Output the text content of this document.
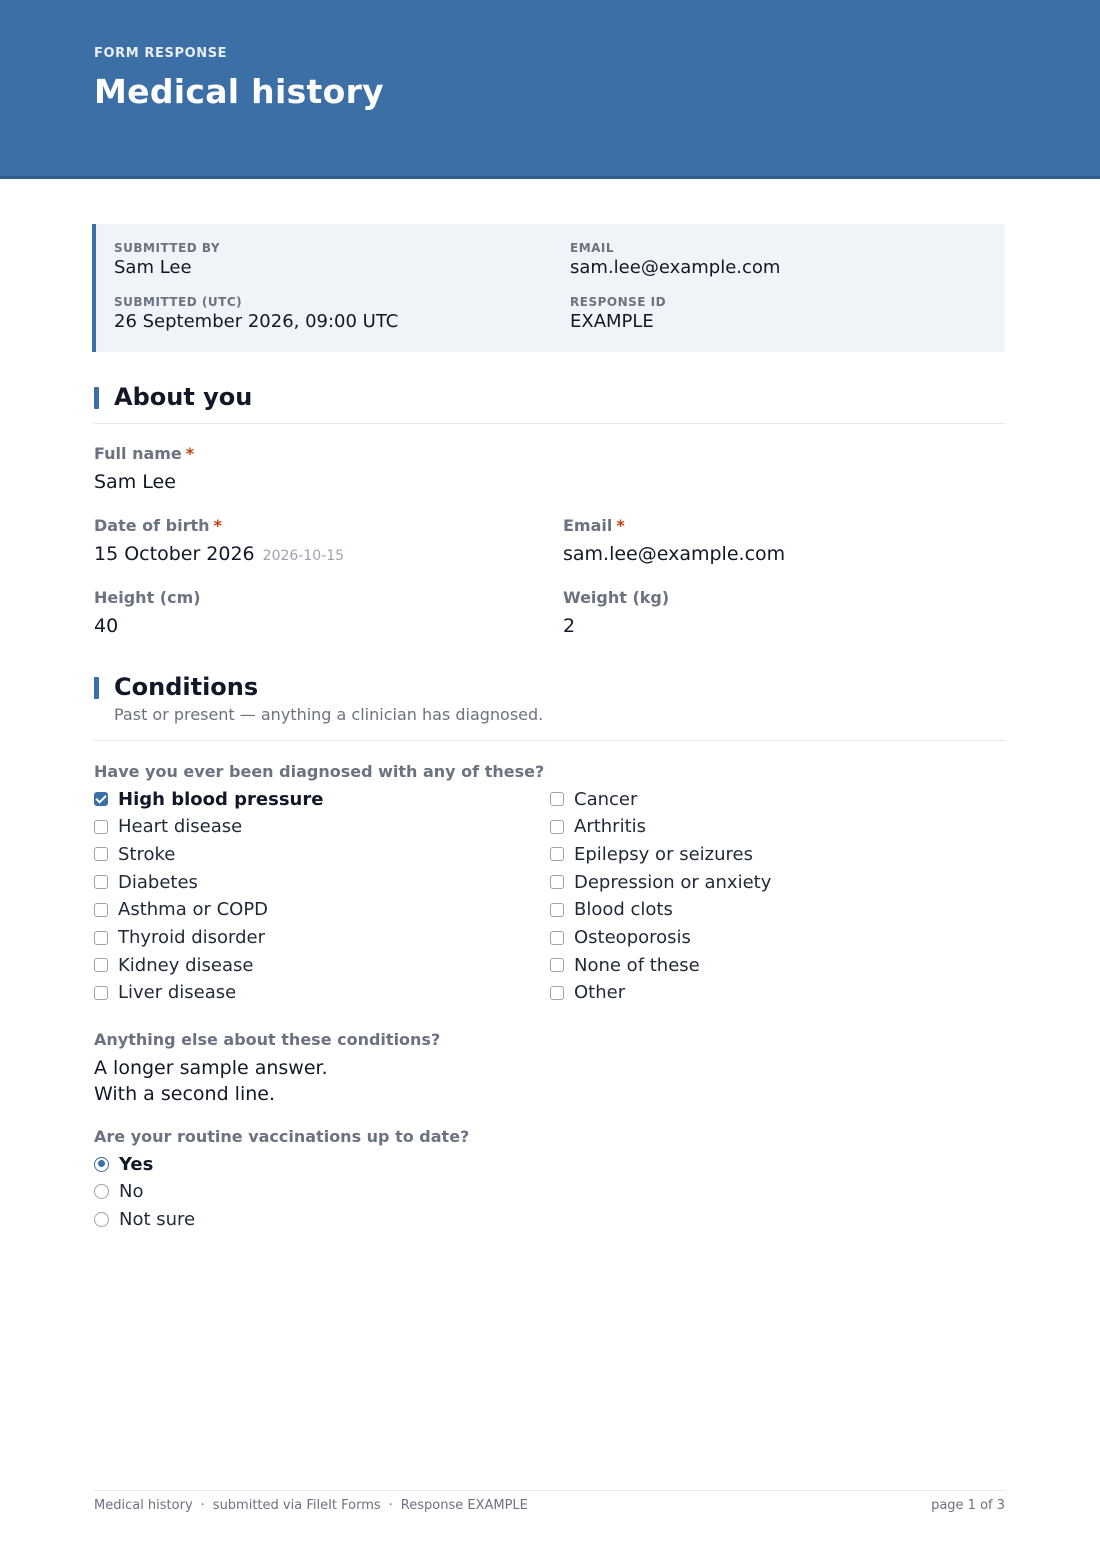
FORM RESPONSE
Medical history
SUBMITTED BY
Sam Lee
EMAIL
sam.lee@example.com
SUBMITTED (UTC)
26 September 2026, 09:00 UTC
RESPONSE ID
EXAMPLE
About you
Full name *
Sam Lee
Date of birth *
15 October 2026 2026-10-15
Email *
sam.lee@example.com
Height (cm)
40
Weight (kg)
2
Conditions
Past or present — anything a clinician has diagnosed.
Have you ever been diagnosed with any of these?
High blood pressure
Heart disease
Stroke
Diabetes
Asthma or COPD
Thyroid disorder
Kidney disease
Liver disease
Cancer
Arthritis
Epilepsy or seizures
Depression or anxiety
Blood clots
Osteoporosis
None of these
Other
Anything else about these conditions?
A longer sample answer.
With a second line.
Are your routine vaccinations up to date?
Yes
No
Not sure
Medical history · submitted via FileIt Forms · Response EXAMPLE	page 1 of 3
